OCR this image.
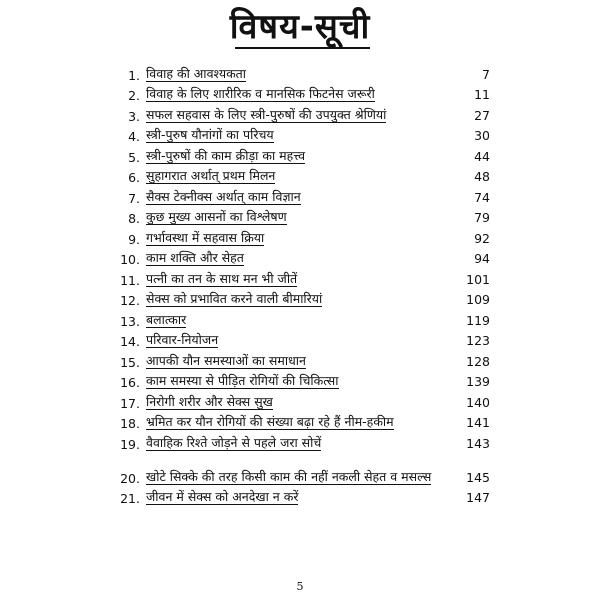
विषय-सूची
1. विवाह की आवश्यकता	7
2. विवाह के लिए शारीरिक व मानसिक फिटनेस जरूरी	11
3. सफल सहवास के लिए स्त्री-पुरुषों की उपयुक्त श्रेणियां	27
4. स्त्री-पुरुष यौनांगों का परिचय	30
5. स्त्री-पुरुषों की काम क्रीड़ा का महत्त्व	44
6. सुहागरात अर्थात् प्रथम मिलन	48
7. सैक्स टेक्नीक्स अर्थात् काम विज्ञान	74
8. कुछ मुख्य आसनों का विश्लेषण	79
9. गर्भावस्था में सहवास क्रिया	92
10. काम शक्ति और सेहत	94
11. पत्नी का तन के साथ मन भी जीतें	101
12. सेक्स को प्रभावित करने वाली बीमारियां	109
13. बलात्कार	119
14. परिवार-नियोजन	123
15. आपकी यौन समस्याओं का समाधान	128
16. काम समस्या से पीड़ित रोगियों की चिकित्सा	139
17. निरोगी शरीर और सेक्स सुख	140
18. भ्रमित कर यौन रोगियों की संख्या बढ़ा रहे हैं नीम-हकीम	141
19. वैवाहिक रिश्ते जोड़ने से पहले जरा सोचें	143
20. खोटे सिक्के की तरह किसी काम की नहीं नकली सेहत व मसल्स	145
21. जीवन में सेक्स को अनदेखा न करें	147
5
